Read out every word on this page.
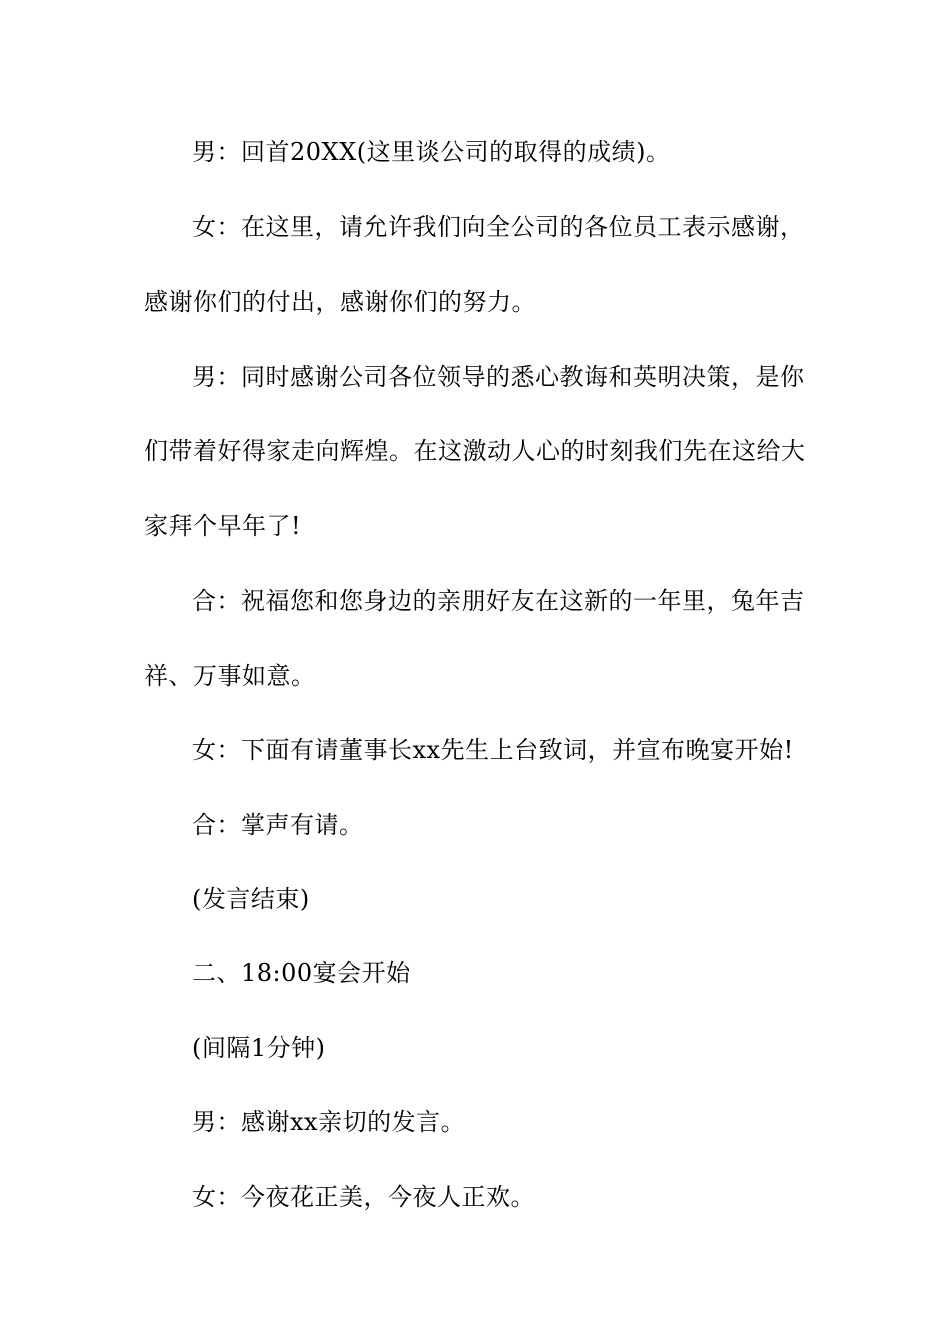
男：回首20XX(这里谈公司的取得的成绩)。
女：在这里，请允许我们向全公司的各位员工表示感谢，
感谢你们的付出，感谢你们的努力。
男：同时感谢公司各位领导的悉心教诲和英明决策，是你
们带着好得家走向辉煌。在这激动人心的时刻我们先在这给大
家拜个早年了!
合：祝福您和您身边的亲朋好友在这新的一年里，兔年吉
祥、万事如意。
女：下面有请董事长xx先生上台致词，并宣布晚宴开始!
合：掌声有请。
(发言结束)
二、18:00宴会开始
(间隔1分钟)
男：感谢xx亲切的发言。
女：今夜花正美，今夜人正欢。
